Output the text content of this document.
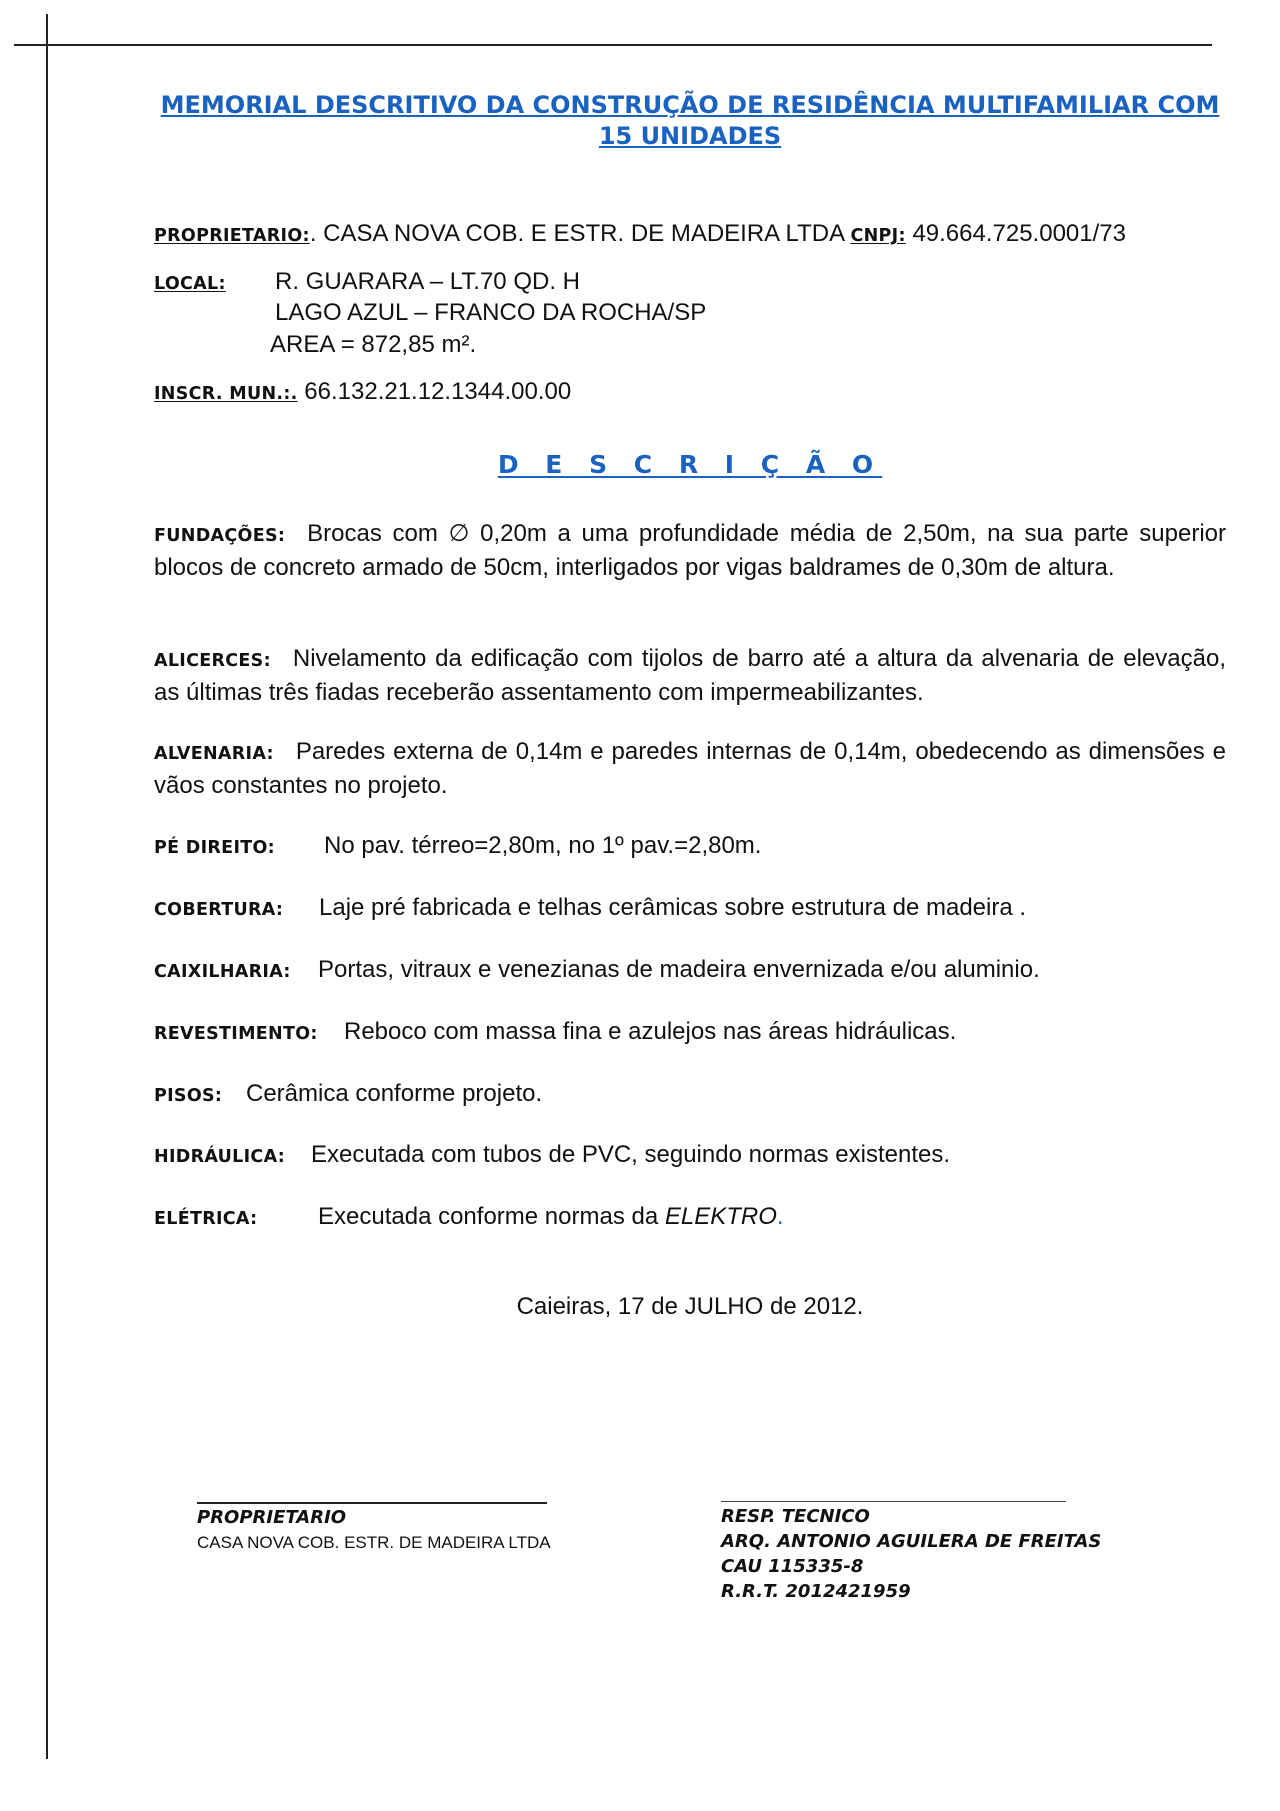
MEMORIAL DESCRITIVO DA CONSTRUÇÃO DE RESIDÊNCIA MULTIFAMILIAR COM
15 UNIDADES
PROPRIETARIO:. CASA NOVA COB. E ESTR. DE MADEIRA LTDA CNPJ: 49.664.725.0001/73
LOCAL: R. GUARARA – LT.70 QD. H
LAGO AZUL – FRANCO DA ROCHA/SP
AREA = 872,85 m².
INSCR. MUN.:. 66.132.21.12.1344.00.00
D E S C R I Ç Ã O
FUNDAÇÕES: Brocas com ∅ 0,20m a uma profundidade média de 2,50m, na sua parte superior blocos de concreto armado de 50cm, interligados por vigas baldrames de 0,30m de altura.
ALICERCES: Nivelamento da edificação com tijolos de barro até a altura da alvenaria de elevação, as últimas três fiadas receberão assentamento com impermeabilizantes.
ALVENARIA: Paredes externa de 0,14m e paredes internas de 0,14m, obedecendo as dimensões e vãos constantes no projeto.
PÉ DIREITO: No pav. térreo=2,80m, no 1º pav.=2,80m.
COBERTURA: Laje pré fabricada e telhas cerâmicas sobre estrutura de madeira .
CAIXILHARIA: Portas, vitraux e venezianas de madeira envernizada e/ou aluminio.
REVESTIMENTO: Reboco com massa fina e azulejos nas áreas hidráulicas.
PISOS: Cerâmica conforme projeto.
HIDRÁULICA: Executada com tubos de PVC, seguindo normas existentes.
ELÉTRICA:	Executada conforme normas da ELEKTRO.
Caieiras, 17 de JULHO de 2012.
PROPRIETARIO
CASA NOVA COB. ESTR. DE MADEIRA LTDA
RESP. TECNICO
ARQ. ANTONIO AGUILERA DE FREITAS
CAU 115335-8
R.R.T. 2012421959
